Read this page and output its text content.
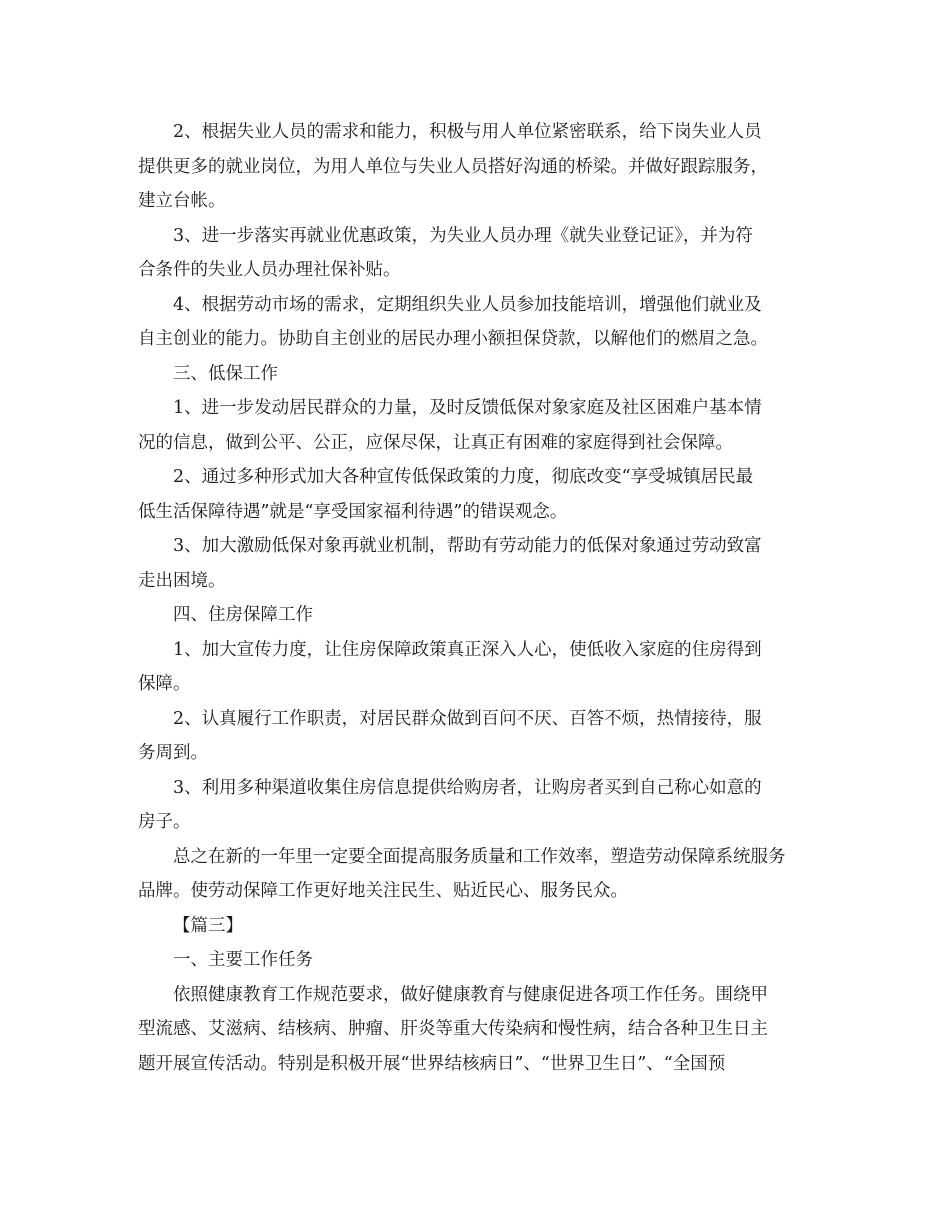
2、根据失业人员的需求和能力，积极与用人单位紧密联系，给下岗失业人员
提供更多的就业岗位，为用人单位与失业人员搭好沟通的桥梁。并做好跟踪服务，
建立台帐。
3、进一步落实再就业优惠政策，为失业人员办理《就失业登记证》，并为符
合条件的失业人员办理社保补贴。
4、根据劳动市场的需求，定期组织失业人员参加技能培训，增强他们就业及
自主创业的能力。协助自主创业的居民办理小额担保贷款，以解他们的燃眉之急。
三、低保工作
1、进一步发动居民群众的力量，及时反馈低保对象家庭及社区困难户基本情
况的信息，做到公平、公正，应保尽保，让真正有困难的家庭得到社会保障。
2、通过多种形式加大各种宣传低保政策的力度，彻底改变“享受城镇居民最
低生活保障待遇”就是“享受国家福利待遇”的错误观念。
3、加大激励低保对象再就业机制，帮助有劳动能力的低保对象通过劳动致富
走出困境。
四、住房保障工作
1、加大宣传力度，让住房保障政策真正深入人心，使低收入家庭的住房得到
保障。
2、认真履行工作职责，对居民群众做到百问不厌、百答不烦，热情接待，服
务周到。
3、利用多种渠道收集住房信息提供给购房者，让购房者买到自己称心如意的
房子。
总之在新的一年里一定要全面提高服务质量和工作效率，塑造劳动保障系统服务
品牌。使劳动保障工作更好地关注民生、贴近民心、服务民众。
【篇三】
一、主要工作任务
依照健康教育工作规范要求，做好健康教育与健康促进各项工作任务。围绕甲
型流感、艾滋病、结核病、肿瘤、肝炎等重大传染病和慢性病，结合各种卫生日主
题开展宣传活动。特别是积极开展“世界结核病日”、“世界卫生日”、“全国预
